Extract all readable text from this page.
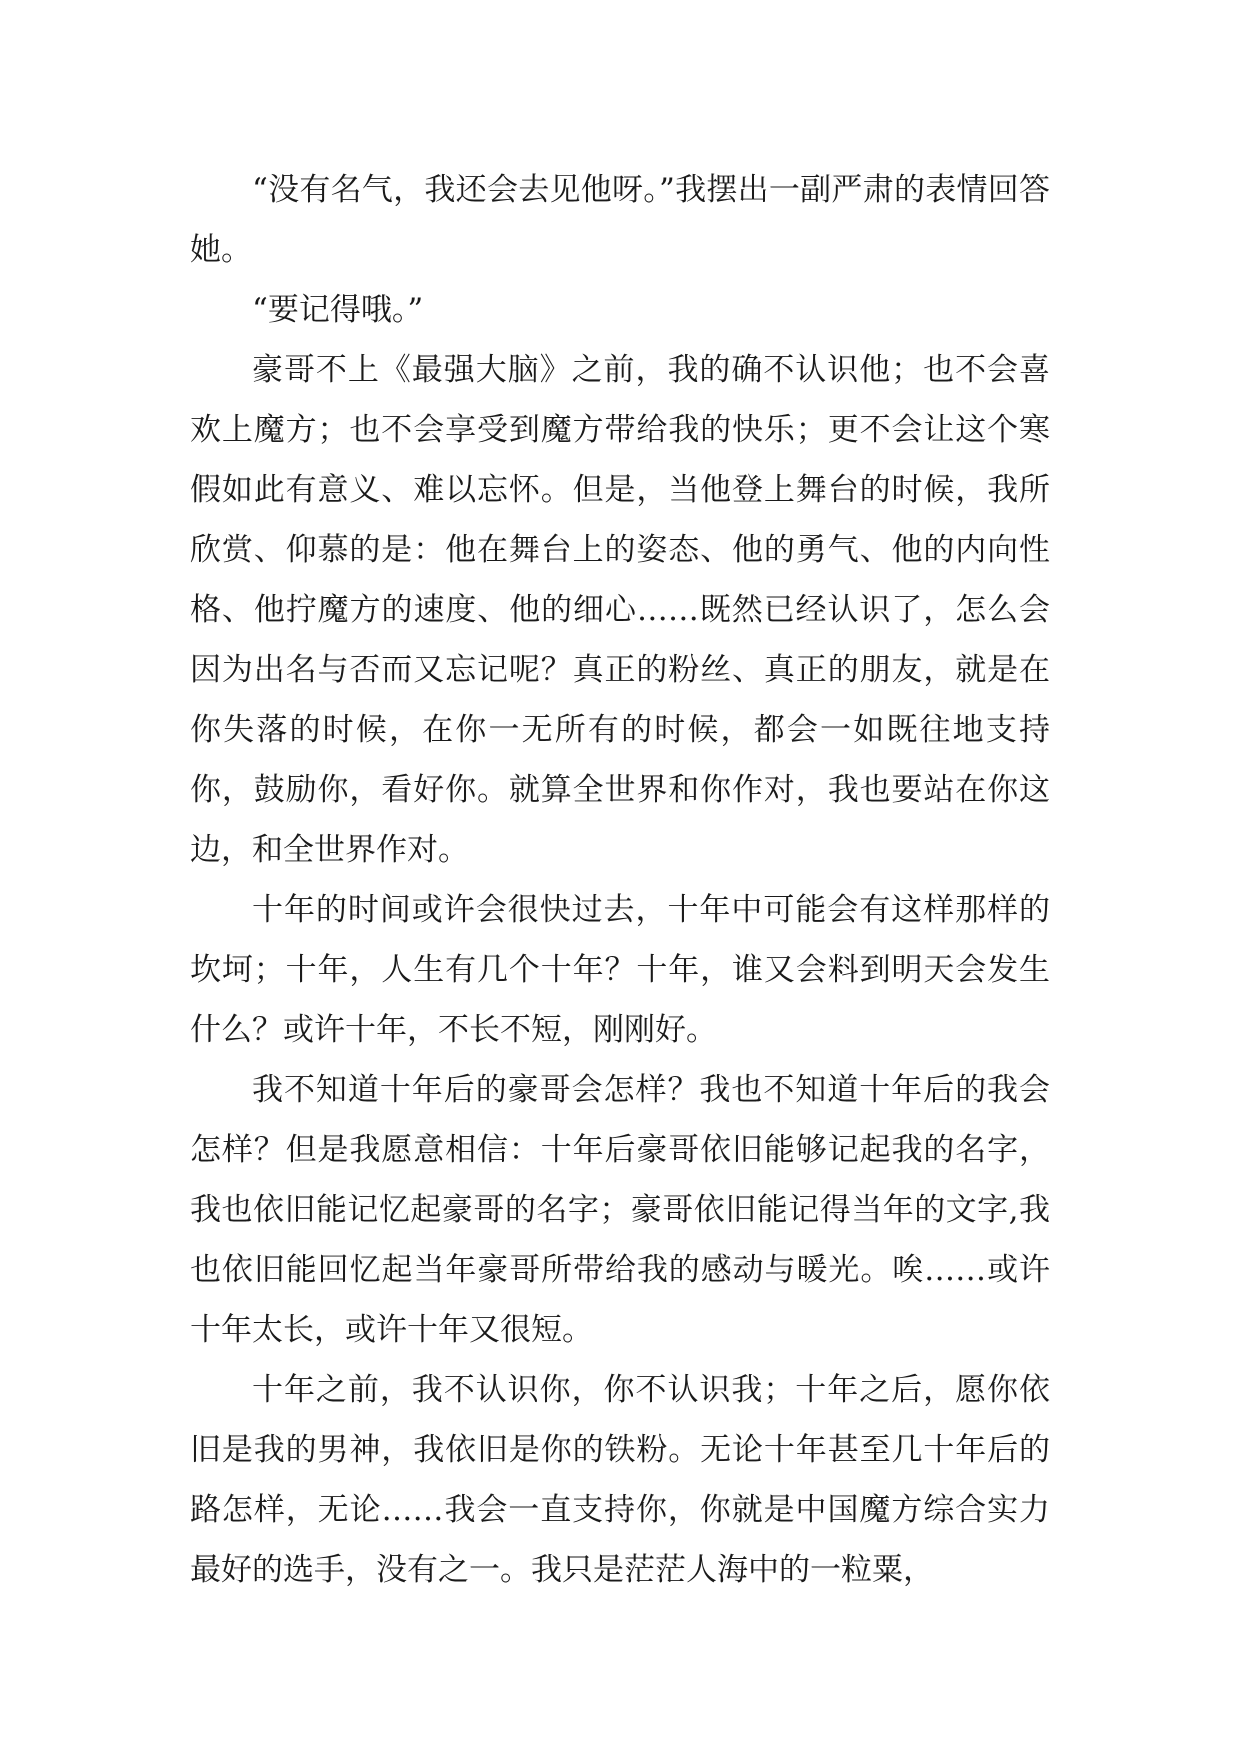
“没有名气，我还会去见他呀。”我摆出一副严肃的表情回答她。

“要记得哦。”

豪哥不上《最强大脑》之前，我的确不认识他；也不会喜欢上魔方；也不会享受到魔方带给我的快乐；更不会让这个寒假如此有意义、难以忘怀。但是，当他登上舞台的时候，我所欣赏、仰慕的是：他在舞台上的姿态、他的勇气、他的内向性格、他拧魔方的速度、他的细心……既然已经认识了，怎么会因为出名与否而又忘记呢？真正的粉丝、真正的朋友，就是在你失落的时候，在你一无所有的时候，都会一如既往地支持你，鼓励你，看好你。就算全世界和你作对，我也要站在你这边，和全世界作对。

十年的时间或许会很快过去，十年中可能会有这样那样的坎坷；十年，人生有几个十年？十年，谁又会料到明天会发生什么？或许十年，不长不短，刚刚好。

我不知道十年后的豪哥会怎样？我也不知道十年后的我会怎样？但是我愿意相信：十年后豪哥依旧能够记起我的名字，我也依旧能记忆起豪哥的名字；豪哥依旧能记得当年的文字,我也依旧能回忆起当年豪哥所带给我的感动与暖光。唉……或许十年太长，或许十年又很短。

十年之前，我不认识你，你不认识我；十年之后，愿你依旧是我的男神，我依旧是你的铁粉。无论十年甚至几十年后的路怎样，无论……我会一直支持你，你就是中国魔方综合实力最好的选手，没有之一。我只是茫茫人海中的一粒粟，
